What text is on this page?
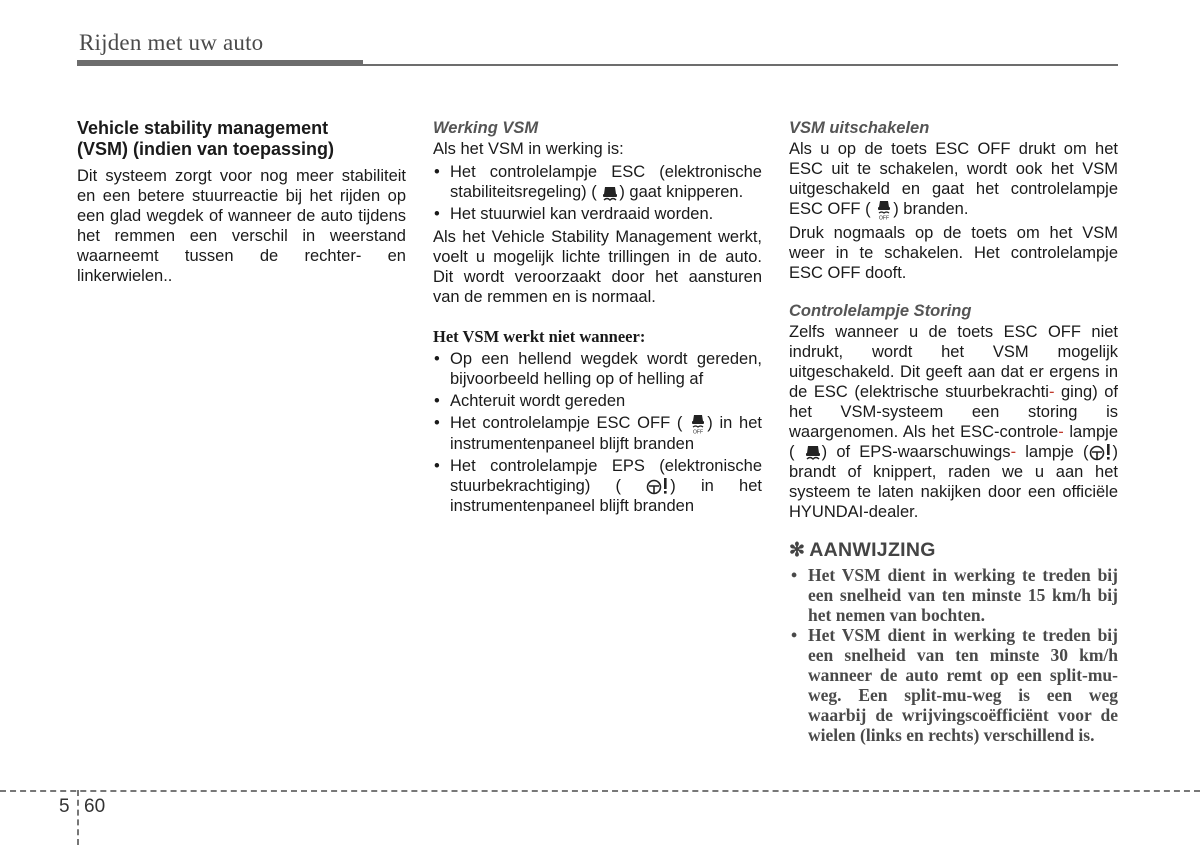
Rijden met uw auto
Vehicle stability management
(VSM) (indien van toepassing)

Dit systeem zorgt voor nog meer stabiliteit en een betere stuurreactie bij het rijden op een glad wegdek of wanneer de auto tijdens het remmen een verschil in weerstand waarneemt tussen de rechter- en linkerwielen..

Werking VSM

Als het VSM in werking is:

• Het controlelampje ESC (elektronische stabiliteitsregeling) ( ) gaat knipperen.
• Het stuurwiel kan verdraaid worden.

Als het Vehicle Stability Management werkt, voelt u mogelijk lichte trillingen in de auto. Dit wordt veroorzaakt door het aansturen van de remmen en is normaal.

Het VSM werkt niet wanneer:
• Op een hellend wegdek wordt gereden, bijvoorbeeld helling op of helling af
• Achteruit wordt gereden
• Het controlelampje ESC OFF (
OFF
) in het instrumentenpaneel blijft branden
• Het controlelampje EPS (elektronische stuurbekrachtiging) (	) in het instrumentenpaneel blijft branden
VSM uitschakelen

Als u op de toets ESC OFF drukt om het ESC uit te schakelen, wordt ook het VSM uitgeschakeld en gaat het controlelampje ESC OFF (
OFF
) branden.

Druk nogmaals op de toets om het VSM weer in te schakelen. Het controlelampje ESC OFF dooft.

Controlelampje Storing

Zelfs wanneer u de toets ESC OFF niet indrukt, wordt het VSM mogelijk uitgeschakeld. Dit geeft aan dat er ergens in de ESC (elektrische stuurbekrachti- ging) of het VSM-systeem een storing is waargenomen. Als het ESC-controle- lampje ( ) of EPS-waarschuwings- lampje ( ) brandt of knippert, raden we u aan het systeem te laten nakijken door een officiële HYUNDAI-dealer.

✻ AANWIJZING
• Het VSM dient in werking te treden bij een snelheid van ten minste 15 km/h bij het nemen van bochten.
• Het VSM dient in werking te treden bij een snelheid van ten minste 30 km/h wanneer de auto remt op een split-mu-weg. Een split-mu-weg is een weg waarbij de wrijvingscoëfficiënt voor de wielen (links en rechts) verschillend is.
5 60
